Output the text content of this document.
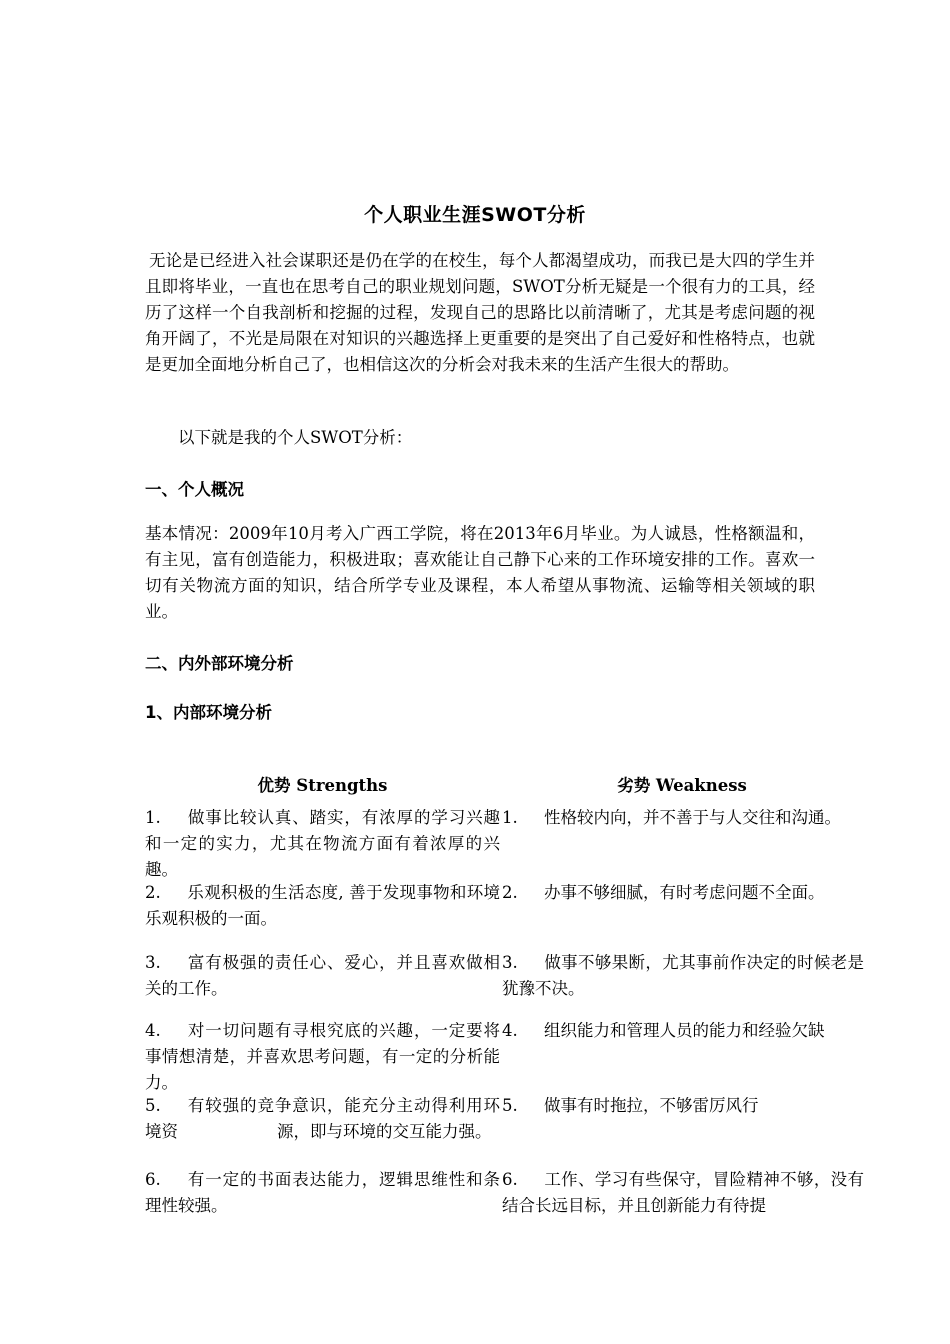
个人职业生涯SWOT分析
无论是已经进入社会谋职还是仍在学的在校生，每个人都渴望成功，而我已是大四的学生并且即将毕业，一直也在思考自己的职业规划问题，SWOT分析无疑是一个很有力的工具，经历了这样一个自我剖析和挖掘的过程，发现自己的思路比以前清晰了，尤其是考虑问题的视角开阔了，不光是局限在对知识的兴趣选择上更重要的是突出了自己爱好和性格特点，也就是更加全面地分析自己了，也相信这次的分析会对我未来的生活产生很大的帮助。
以下就是我的个人SWOT分析：
一、个人概况
基本情况：2009年10月考入广西工学院，将在2013年6月毕业。为人诚恳，性格额温和，有主见，富有创造能力，积极进取；喜欢能让自己静下心来的工作环境安排的工作。喜欢一切有关物流方面的知识，结合所学专业及课程，本人希望从事物流、运输等相关领域的职业。
二、内外部环境分析
1、内部环境分析
优势 Strengths	劣势 Weakness
1. 做事比较认真、踏实，有浓厚的学习兴趣和一定的实力，尤其在物流方面有着浓厚的兴趣。
2. 乐观积极的生活态度, 善于发现事物和环境乐观积极的一面。
3. 富有极强的责任心、爱心，并且喜欢做相关的工作。
4. 对一切问题有寻根究底的兴趣，一定要将事情想清楚，并喜欢思考问题，有一定的分析能力。
5. 有较强的竞争意识，能充分主动得利用环境资　　　　　　源，即与环境的交互能力强。
6. 有一定的书面表达能力，逻辑思维性和条理性较强。
1. 性格较内向，并不善于与人交往和沟通。
2. 办事不够细腻，有时考虑问题不全面。
3. 做事不够果断，尤其事前作决定的时候老是犹豫不决。
4. 组织能力和管理人员的能力和经验欠缺
5. 做事有时拖拉，不够雷厉风行
6. 工作、学习有些保守，冒险精神不够，没有结合长远目标，并且创新能力有待提
